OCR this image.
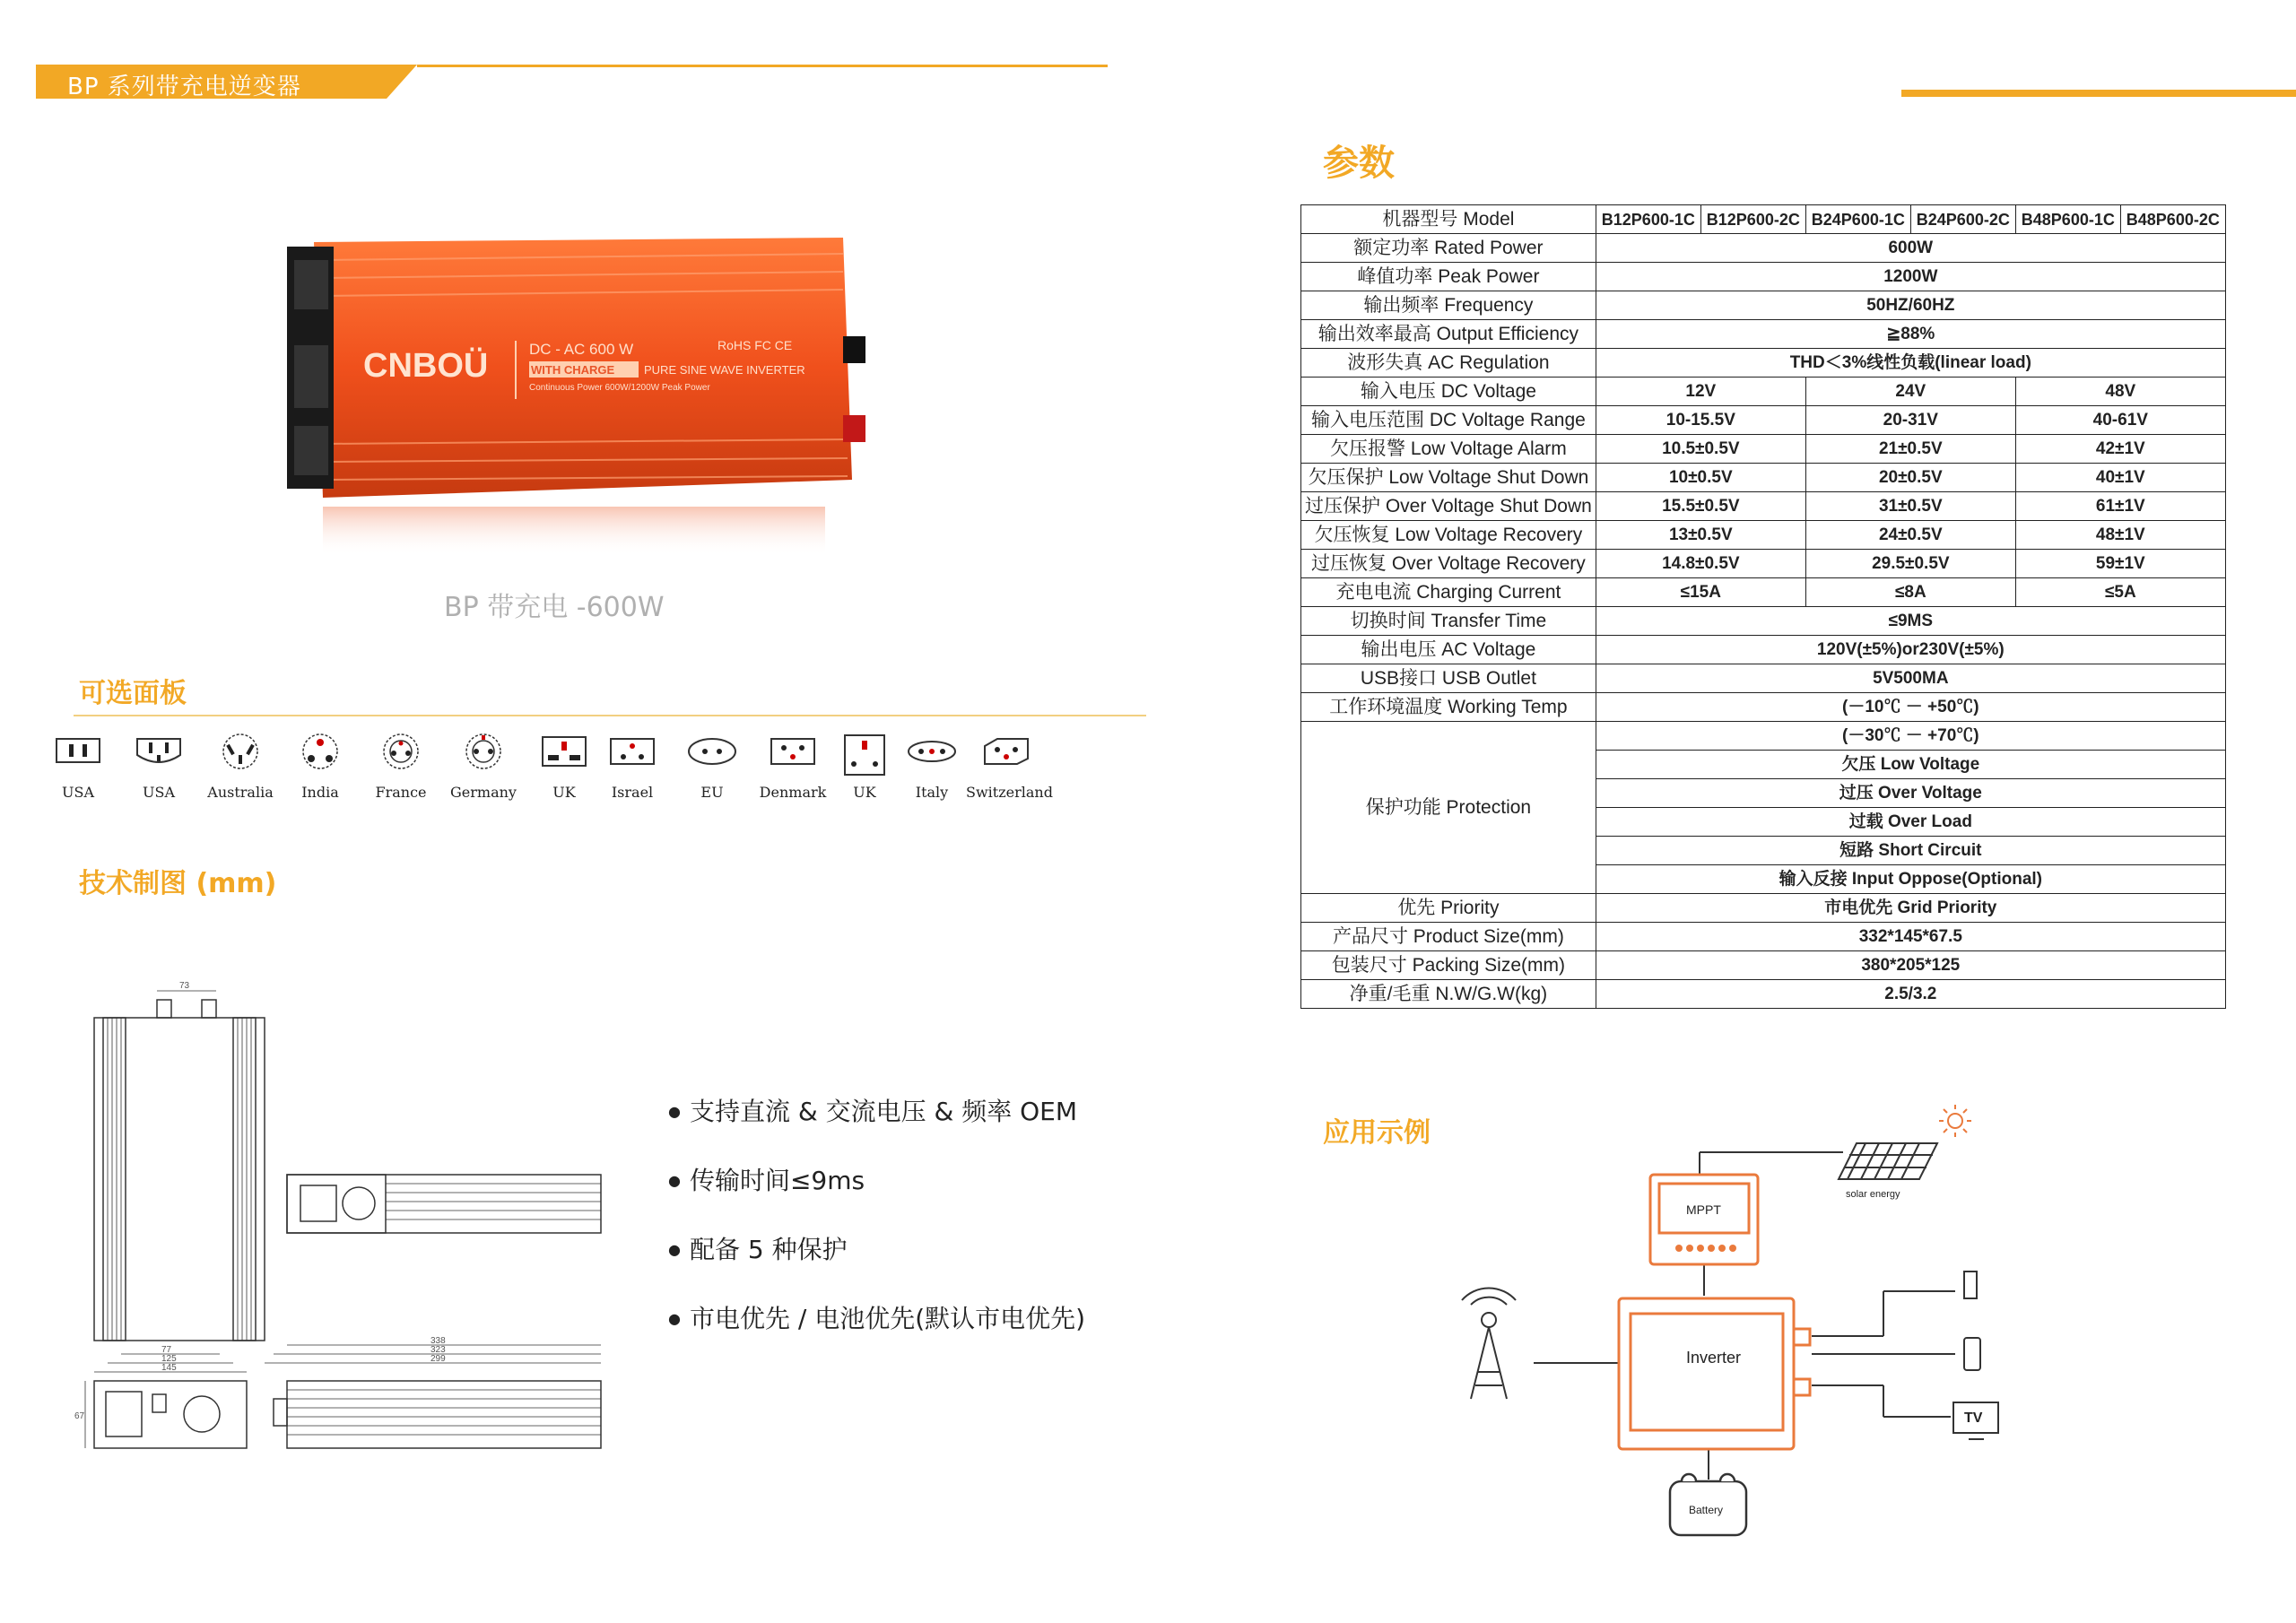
BP 系列带充电逆变器
CNBOÜ	DC - AC 600 W
WITH CHARGE	PURE SINE WAVE INVERTER
Continuous Power 600W/1200W Peak Power
RoHS FC CE
BP 带充电 -600W
可选面板
USA	USA	Australia	India	France	Germany	UK	Israel	EU	Denmark	UK	Italy	Switzerland
技术制图 (mm)
73
77
125
145
67
338
323
299
● 支持直流 & 交流电压 & 频率 OEM
● 传输时间≤9ms
● 配备 5 种保护
● 市电优先 / 电池优先(默认市电优先)
参数
机器型号 Model	B12P600-1C	B12P600-2C	B24P600-1C	B24P600-2C	B48P600-1C	B48P600-2C
额定功率 Rated Power	600W					
峰值功率 Peak Power	1200W					
输出频率 Frequency	50HZ/60HZ					
输出效率最高 Output Efficiency	≧88%					
波形失真 AC Regulation	THD＜3%线性负载(linear load)					
输入电压 DC Voltage	12V		24V		48V	
输入电压范围 DC Voltage Range	10-15.5V		20-31V		40-61V	
欠压报警 Low Voltage Alarm	10.5±0.5V		21±0.5V		42±1V	
欠压保护 Low Voltage Shut Down	10±0.5V		20±0.5V		40±1V	
过压保护 Over Voltage Shut Down	15.5±0.5V		31±0.5V		61±1V	
欠压恢复 Low Voltage Recovery	13±0.5V		24±0.5V		48±1V	
过压恢复 Over Voltage Recovery	14.8±0.5V		29.5±0.5V		59±1V	
充电电流 Charging Current	≤15A		≤8A		≤5A	
切换时间 Transfer Time	≤9MS					
输出电压 AC Voltage	120V(±5%)or230V(±5%)					
USB接口 USB Outlet	5V500MA					
工作环境温度 Working Temp	(－10℃ － +50℃)					
保护功能 Protection	(－30℃ － +70℃)					
	欠压 Low Voltage					
	过压 Over Voltage					
	过载 Over Load					
	短路 Short Circuit					
	输入反接 Input Oppose(Optional)					
优先 Priority	市电优先 Grid Priority					
产品尺寸 Product Size(mm)	332*145*67.5					
包装尺寸 Packing Size(mm)	380*205*125					
净重/毛重 N.W/G.W(kg)	2.5/3.2					
应用示例
MPPT
solar energy
Inverter
Battery
TV
